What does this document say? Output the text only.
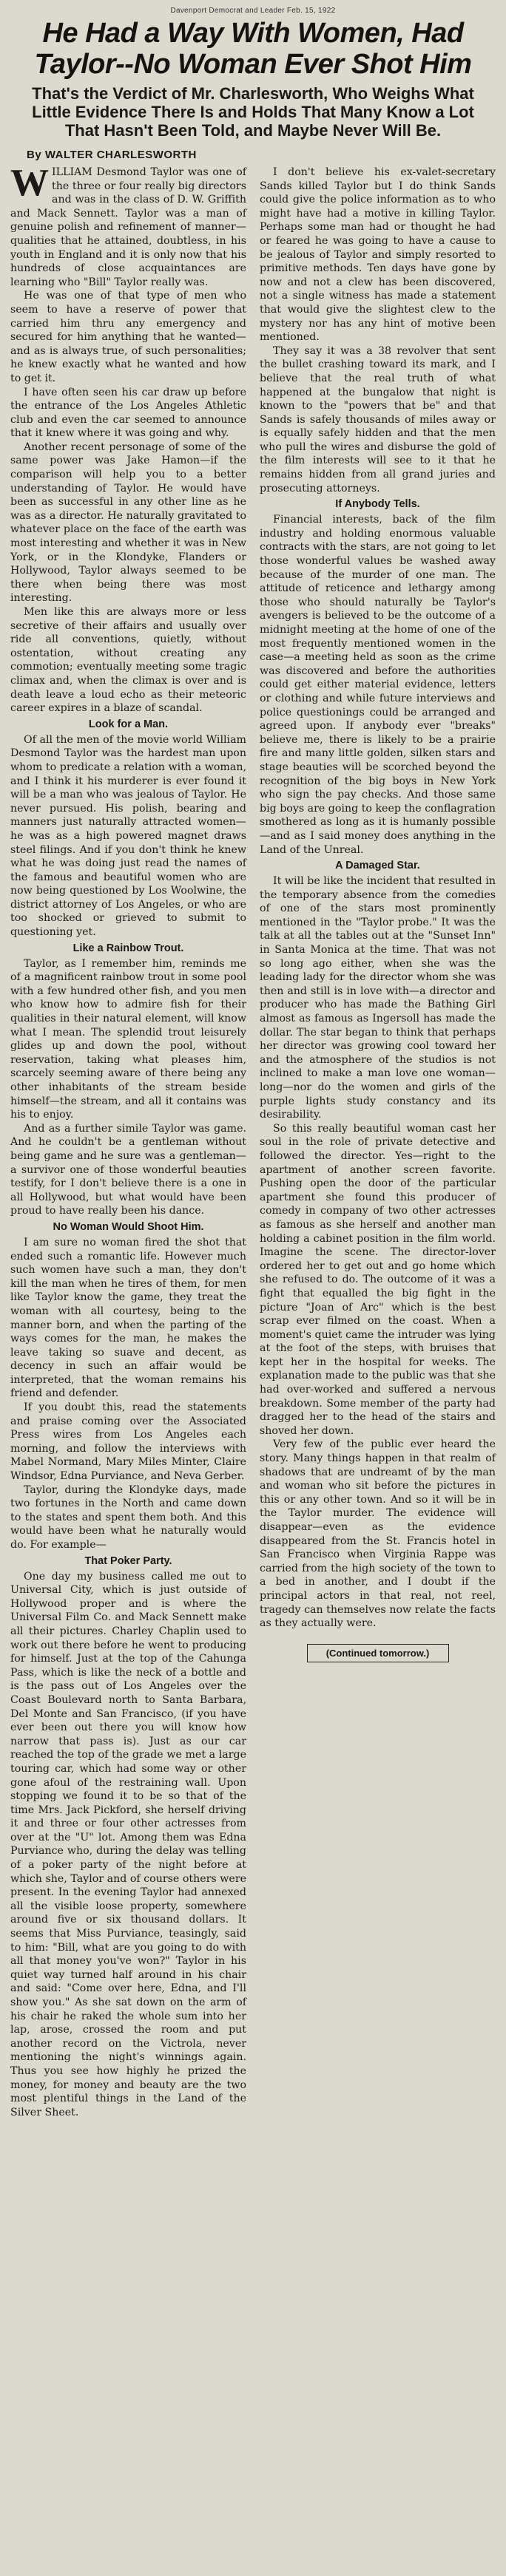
Davenport Democrat and Leader Feb. 15, 1922
He Had a Way With Women, Had Taylor--No Woman Ever Shot Him
That's the Verdict of Mr. Charlesworth, Who Weighs What Little Evidence There Is and Holds That Many Know a Lot That Hasn't Been Told, and Maybe Never Will Be.
By WALTER CHARLESWORTH

WILLIAM Desmond Taylor was one of the three or four really big directors and was in the class of D. W. Griffith and Mack Sennett. Taylor was a man of genuine polish and refinement of manner—qualities that he attained, doubtless, in his youth in England and it is only now that his hundreds of close acquaintances are learning who "Bill" Taylor really was.

He was one of that type of men who seem to have a reserve of power that carried him thru any emergency and secured for him anything that he wanted—and as is always true, of such personalities; he knew exactly what he wanted and how to get it.

I have often seen his car draw up before the entrance of the Los Angeles Athletic club and even the car seemed to announce that it knew where it was going and why.

Another recent personage of some of the same power was Jake Hamon—if the comparison will help you to a better understanding of Taylor. He would have been as successful in any other line as he was as a director. He naturally gravitated to whatever place on the face of the earth was most interesting and whether it was in New York, or in the Klondyke, Flanders or Hollywood, Taylor always seemed to be there when being there was most interesting.

Men like this are always more or less secretive of their affairs and usually over ride all conventions, quietly, without ostentation, without creating any commotion; eventually meeting some tragic climax and, when the climax is over and is death leave a loud echo as their meteoric career expires in a blaze of scandal.

Look for a Man.

Of all the men of the movie world William Desmond Taylor was the hardest man upon whom to predicate a relation with a woman, and I think it his murderer is ever found it will be a man who was jealous of Taylor. He never pursued. His polish, bearing and manners just naturally attracted women—he was as a high powered magnet draws steel filings. And if you don't think he knew what he was doing just read the names of the famous and beautiful women who are now being questioned by Los Woolwine, the district attorney of Los Angeles, or who are too shocked or grieved to submit to questioning yet.

Like a Rainbow Trout.

Taylor, as I remember him, reminds me of a magnificent rainbow trout in some pool with a few hundred other fish, and you men who know how to admire fish for their qualities in their natural element, will know what I mean. The splendid trout leisurely glides up and down the pool, without reservation, taking what pleases him, scarcely seeming aware of there being any other inhabitants of the stream beside himself—the stream, and all it contains was his to enjoy.

And as a further simile Taylor was game. And he couldn't be a gentleman without being game and he sure was a gentleman—a survivor one of those wonderful beauties testify, for I don't believe there is a one in all Hollywood, but what would have been proud to have really been his dance.

No Woman Would Shoot Him.

I am sure no woman fired the shot that ended such a romantic life. However much such women have such a man, they don't kill the man when he tires of them, for men like Taylor know the game, they treat the woman with all courtesy, being to the manner born, and when the parting of the ways comes for the man, he makes the leave taking so suave and decent, as decency in such an affair would be interpreted, that the woman remains his friend and defender.

If you doubt this, read the statements and praise coming over the Associated Press wires from Los Angeles each morning, and follow the interviews with Mabel Normand, Mary Miles Minter, Claire Windsor, Edna Purviance, and Neva Gerber.

Taylor, during the Klondyke days, made two fortunes in the North and came down to the states and spent them both. And this would have been what he naturally would do. For example—

That Poker Party.

One day my business called me out to Universal City, which is just outside of Hollywood proper and is where the Universal Film Co. and Mack Sennett make all their pictures. Charley Chaplin used to work out there before he went to producing for himself. Just at the top of the Cahunga Pass, which is like the neck of a bottle and is the pass out of Los Angeles over the Coast Boulevard north to Santa Barbara, Del Monte and San Francisco, (if you have ever been out there you will know how narrow that pass is). Just as our car reached the top of the grade we met a large touring car, which had some way or other gone afoul of the restraining wall. Upon stopping we found it to be so that of the time Mrs. Jack Pickford, she herself driving it and three or four other actresses from over at the "U" lot. Among them was Edna Purviance who, during the delay was telling of a poker party of the night before at which she, Taylor and of course others were present. In the evening Taylor had annexed all the visible loose property, somewhere around five or six thousand dollars. It seems that Miss Purviance, teasingly, said to him: "Bill, what are you going to do with all that money you've won?" Taylor in his quiet way turned half around in his chair and said: "Come over here, Edna, and I'll show you." As she sat down on the arm of his chair he raked the whole sum into her lap, arose, crossed the room and put another record on the Victrola, never mentioning the night's winnings again. Thus you see how highly he prized the money, for money and beauty are the two most plentiful things in the Land of the Silver Sheet.

I don't believe his ex-valet-secretary Sands killed Taylor but I do think Sands could give the police information as to who might have had a motive in killing Taylor. Perhaps some man had or thought he had or feared he was going to have a cause to be jealous of Taylor and simply resorted to primitive methods. Ten days have gone by now and not a clew has been discovered, not a single witness has made a statement that would give the slightest clew to the mystery nor has any hint of motive been mentioned.

They say it was a 38 revolver that sent the bullet crashing toward its mark, and I believe that the real truth of what happened at the bungalow that night is known to the "powers that be" and that Sands is safely thousands of miles away or is equally safely hidden and that the men who pull the wires and disburse the gold of the film interests will see to it that he remains hidden from all grand juries and prosecuting attorneys.

If Anybody Tells.

Financial interests, back of the film industry and holding enormous valuable contracts with the stars, are not going to let those wonderful values be washed away because of the murder of one man. The attitude of reticence and lethargy among those who should naturally be Taylor's avengers is believed to be the outcome of a midnight meeting at the home of one of the most frequently mentioned women in the case—a meeting held as soon as the crime was discovered and before the authorities could get either material evidence, letters or clothing and while future interviews and police questionings could be arranged and agreed upon. If anybody ever "breaks" believe me, there is likely to be a prairie fire and many little golden, silken stars and stage beauties will be scorched beyond the recognition of the big boys in New York who sign the pay checks. And those same big boys are going to keep the conflagration smothered as long as it is humanly possible—and as I said money does anything in the Land of the Unreal.

A Damaged Star.

It will be like the incident that resulted in the temporary absence from the comedies of one of the stars most prominently mentioned in the "Taylor probe." It was the talk at all the tables out at the "Sunset Inn" in Santa Monica at the time. That was not so long ago either, when she was the leading lady for the director whom she was then and still is in love with—a director and producer who has made the Bathing Girl almost as famous as Ingersoll has made the dollar. The star began to think that perhaps her director was growing cool toward her and the atmosphere of the studios is not inclined to make a man love one woman—long—nor do the women and girls of the purple lights study constancy and its desirability.

So this really beautiful woman cast her soul in the role of private detective and followed the director. Yes—right to the apartment of another screen favorite. Pushing open the door of the particular apartment she found this producer of comedy in company of two other actresses as famous as she herself and another man holding a cabinet position in the film world. Imagine the scene. The director-lover ordered her to get out and go home which she refused to do. The outcome of it was a fight that equalled the big fight in the picture "Joan of Arc" which is the best scrap ever filmed on the coast. When a moment's quiet came the intruder was lying at the foot of the steps, with bruises that kept her in the hospital for weeks. The explanation made to the public was that she had over-worked and suffered a nervous breakdown. Some member of the party had dragged her to the head of the stairs and shoved her down.

Very few of the public ever heard the story. Many things happen in that realm of shadows that are undreamt of by the man and woman who sit before the pictures in this or any other town. And so it will be in the Taylor murder. The evidence will disappear—even as the evidence disappeared from the St. Francis hotel in San Francisco when Virginia Rappe was carried from the high society of the town to a bed in another, and I doubt if the principal actors in that real, not reel, tragedy can themselves now relate the facts as they actually were.

(Continued tomorrow.)
